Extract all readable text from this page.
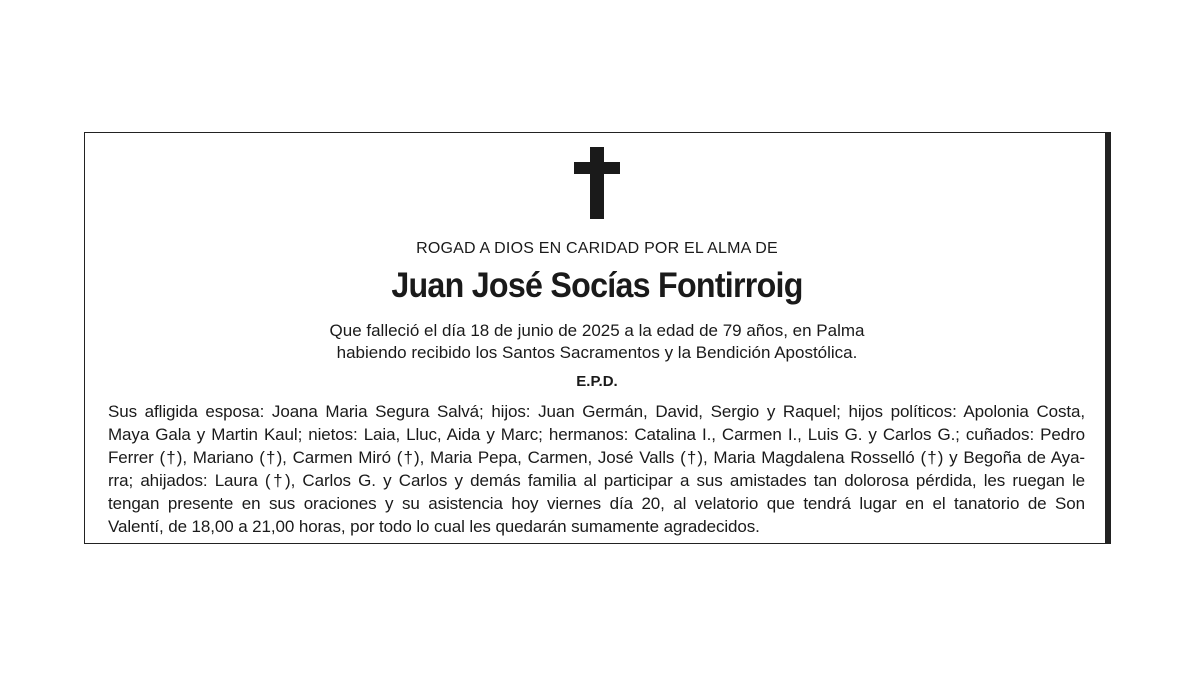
ROGAD A DIOS EN CARIDAD POR EL ALMA DE
Juan José Socías Fontirroig
Que falleció el día 18 de junio de 2025 a la edad de 79 años, en Palma
habiendo recibido los Santos Sacramentos y la Bendición Apostólica.
E.P.D.
Sus afligida esposa: Joana Maria Segura Salvá; hijos: Juan Germán, David, Sergio y Raquel; hijos políticos: Apolonia Costa,
Maya Gala y Martin Kaul; nietos: Laia, Lluc, Aida y Marc; hermanos: Catalina I., Carmen I., Luis G. y Carlos G.; cuñados: Pedro
Ferrer (†), Mariano (†), Carmen Miró (†), Maria Pepa, Carmen, José Valls (†), Maria Magdalena Rosselló (†) y Begoña de Aya-
rra; ahijados: Laura (†), Carlos G. y Carlos y demás familia al participar a sus amistades tan dolorosa pérdida, les ruegan le
tengan presente en sus oraciones y su asistencia hoy viernes día 20, al velatorio que tendrá lugar en el tanatorio de Son
Valentí, de 18,00 a 21,00 horas, por todo lo cual les quedarán sumamente agradecidos.
